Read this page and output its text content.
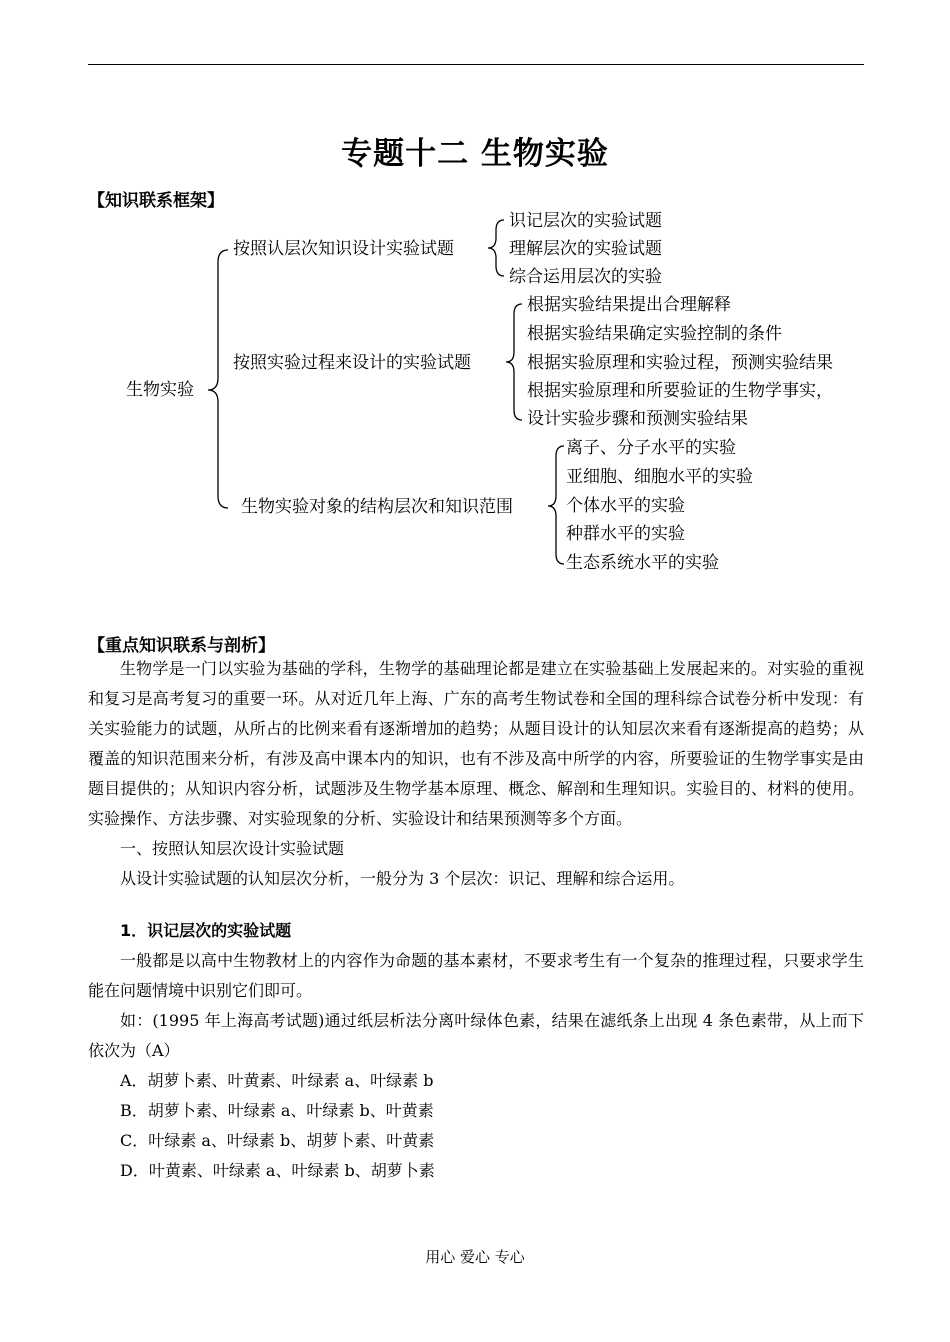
专题十二 生物实验
【知识联系框架】
生物实验
按照认层次知识设计实验试题
按照实验过程来设计的实验试题
生物实验对象的结构层次和知识范围
识记层次的实验试题
理解层次的实验试题
综合运用层次的实验
根据实验结果提出合理解释
根据实验结果确定实验控制的条件
根据实验原理和实验过程，预测实验结果
根据实验原理和所要验证的生物学事实，
设计实验步骤和预测实验结果
离子、分子水平的实验
亚细胞、细胞水平的实验
个体水平的实验
种群水平的实验
生态系统水平的实验
【重点知识联系与剖析】

生物学是一门以实验为基础的学科，生物学的基础理论都是建立在实验基础上发展起来的。对实验的重视和复习是高考复习的重要一环。从对近几年上海、广东的高考生物试卷和全国的理科综合试卷分析中发现：有关实验能力的试题，从所占的比例来看有逐渐增加的趋势；从题目设计的认知层次来看有逐渐提高的趋势；从覆盖的知识范围来分析，有涉及高中课本内的知识，也有不涉及高中所学的内容，所要验证的生物学事实是由题目提供的；从知识内容分析，试题涉及生物学基本原理、概念、解剖和生理知识。实验目的、材料的使用。实验操作、方法步骤、对实验现象的分析、实验设计和结果预测等多个方面。

一、按照认知层次设计实验试题

从设计实验试题的认知层次分析，一般分为 3 个层次：识记、理解和综合运用。

1．识记层次的实验试题

一般都是以高中生物教材上的内容作为命题的基本素材，不要求考生有一个复杂的推理过程，只要求学生能在问题情境中识别它们即可。

如：(1995 年上海高考试题)通过纸层析法分离叶绿体色素，结果在滤纸条上出现 4 条色素带，从上而下依次为（A）

A．胡萝卜素、叶黄素、叶绿素 a、叶绿素 b

B．胡萝卜素、叶绿素 a、叶绿素 b、叶黄素

C．叶绿素 a、叶绿素 b、胡萝卜素、叶黄素

D．叶黄素、叶绿素 a、叶绿素 b、胡萝卜素

用心 爱心 专心
